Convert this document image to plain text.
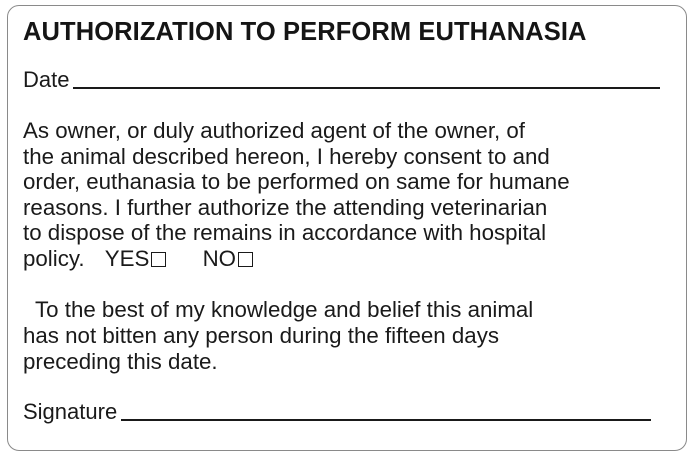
AUTHORIZATION TO PERFORM EUTHANASIA
Date
As owner, or duly authorized agent of the owner, of
the animal described hereon, I hereby consent to and
order, euthanasia to be performed on same for humane
reasons. I further authorize the attending veterinarian
to dispose of the remains in accordance with hospital
policy. YES NO
To the best of my knowledge and belief this animal
has not bitten any person during the fifteen days
preceding this date.
Signature
